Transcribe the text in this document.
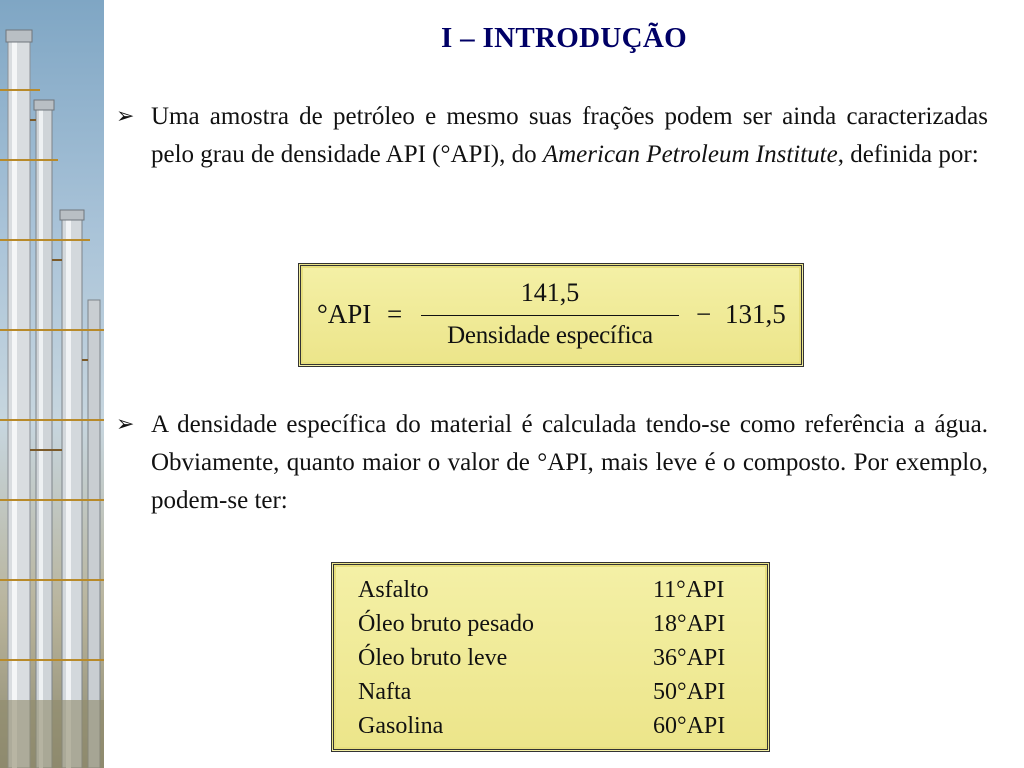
I – INTRODUÇÃO
➢ Uma amostra de petróleo e mesmo suas frações podem ser ainda caracterizadas pelo grau de densidade API (°API), do American Petroleum Institute, definida por:
°API =
141,5
Densidade específica
− 131,5
➢ A densidade específica do material é calculada tendo-se como referência a água. Obviamente, quanto maior o valor de °API, mais leve é o composto. Por exemplo, podem-se ter:
Asfalto	11°API
Óleo bruto pesado	18°API
Óleo bruto leve	36°API
Nafta	50°API
Gasolina	60°API
